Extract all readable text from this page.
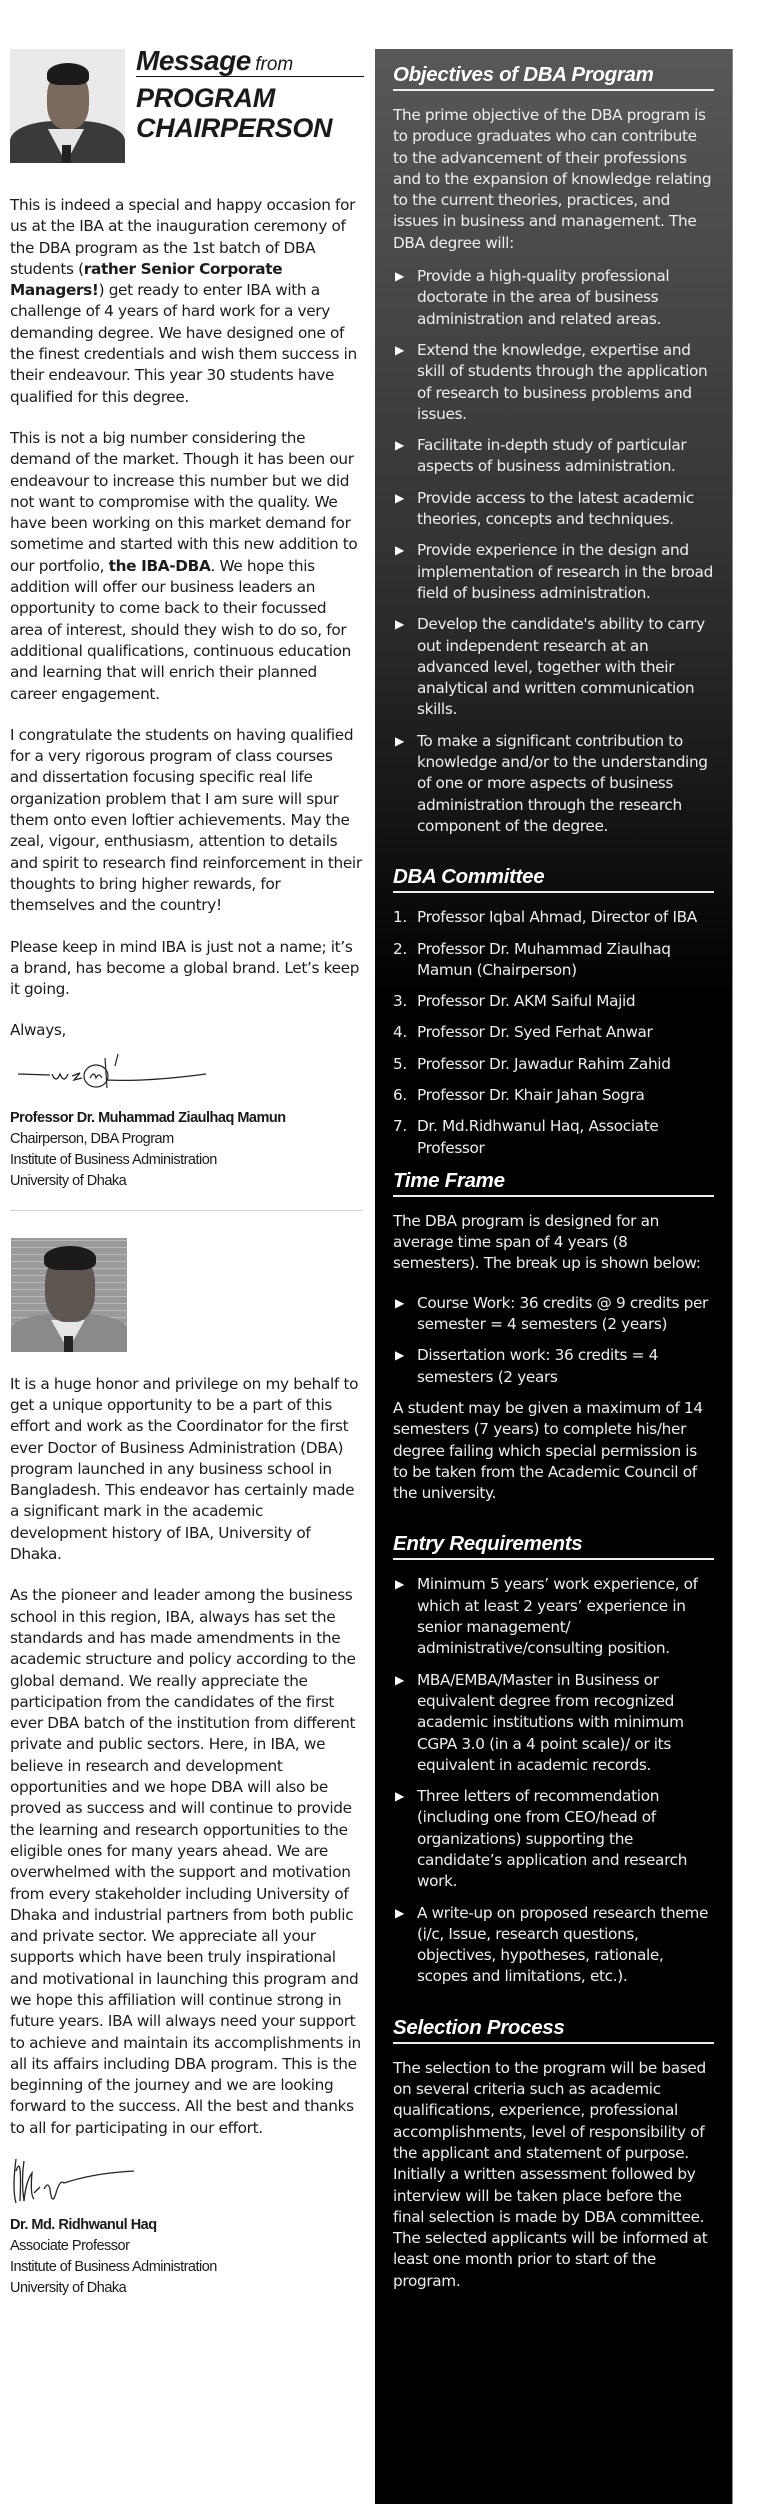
Message from
PROGRAM
CHAIRPERSON

This is indeed a special and happy occasion for us at the IBA at the inauguration ceremony of the DBA program as the 1st batch of DBA students (rather Senior Corporate Managers!) get ready to enter IBA with a challenge of 4 years of hard work for a very demanding degree. We have designed one of the finest credentials and wish them success in their endeavour. This year 30 students have qualified for this degree.

This is not a big number considering the demand of the market. Though it has been our endeavour to increase this number but we did not want to compromise with the quality. We have been working on this market demand for sometime and started with this new addition to our portfolio, the IBA-DBA. We hope this addition will offer our business leaders an opportunity to come back to their focussed area of interest, should they wish to do so, for additional qualifications, continuous education and learning that will enrich their planned career engagement.

I congratulate the students on having qualified for a very rigorous program of class courses and dissertation focusing specific real life organization problem that I am sure will spur them onto even loftier achievements. May the zeal, vigour, enthusiasm, attention to details and spirit to research find reinforcement in their thoughts to bring higher rewards, for themselves and the country!

Please keep in mind IBA is just not a name; it’s a brand, has become a global brand. Let’s keep it going.

Always,

Professor Dr. Muhammad Ziaulhaq Mamun
Chairperson, DBA Program
Institute of Business Administration
University of Dhaka

It is a huge honor and privilege on my behalf to get a unique opportunity to be a part of this effort and work as the Coordinator for the first ever Doctor of Business Administration (DBA) program launched in any business school in Bangladesh. This endeavor has certainly made a significant mark in the academic development history of IBA, University of Dhaka.

As the pioneer and leader among the business school in this region, IBA, always has set the standards and has made amendments in the academic structure and policy according to the global demand. We really appreciate the participation from the candidates of the first ever DBA batch of the institution from different private and public sectors. Here, in IBA, we believe in research and development opportunities and we hope DBA will also be proved as success and will continue to provide the learning and research opportunities to the eligible ones for many years ahead. We are overwhelmed with the support and motivation from every stakeholder including University of Dhaka and industrial partners from both public and private sector. We appreciate all your supports which have been truly inspirational and motivational in launching this program and we hope this affiliation will continue strong in future years. IBA will always need your support to achieve and maintain its accomplishments in all its affairs including DBA program. This is the beginning of the journey and we are looking forward to the success. All the best and thanks to all for participating in our effort.

Dr. Md. Ridhwanul Haq
Associate Professor
Institute of Business Administration
University of Dhaka
Objectives of DBA Program

The prime objective of the DBA program is to produce graduates who can contribute to the advancement of their professions and to the expansion of knowledge relating to the current theories, practices, and issues in business and management. The DBA degree will:

▶ Provide a high-quality professional doctorate in the area of business administration and related areas.
▶ Extend the knowledge, expertise and skill of students through the application of research to business problems and issues.
▶ Facilitate in-depth study of particular aspects of business administration.
▶ Provide access to the latest academic theories, concepts and techniques.
▶ Provide experience in the design and implementation of research in the broad field of business administration.
▶ Develop the candidate's ability to carry out independent research at an advanced level, together with their analytical and written communication skills.
▶ To make a significant contribution to knowledge and/or to the understanding of one or more aspects of business administration through the research component of the degree.
DBA Committee
1. Professor Iqbal Ahmad, Director of IBA
2. Professor Dr. Muhammad Ziaulhaq Mamun (Chairperson)
3. Professor Dr. AKM Saiful Majid
4. Professor Dr. Syed Ferhat Anwar
5. Professor Dr. Jawadur Rahim Zahid
6. Professor Dr. Khair Jahan Sogra
7. Dr. Md.Ridhwanul Haq, Associate Professor
Time Frame

The DBA program is designed for an average time span of 4 years (8 semesters). The break up is shown below:

▶ Course Work: 36 credits @ 9 credits per semester = 4 semesters (2 years)
▶ Dissertation work: 36 credits = 4 semesters (2 years

A student may be given a maximum of 14 semesters (7 years) to complete his/her degree failing which special permission is to be taken from the Academic Council of the university.

Entry Requirements
▶ Minimum 5 years’ work experience, of which at least 2 years’ experience in senior management/ administrative/consulting position.
▶ MBA/EMBA/Master in Business or equivalent degree from recognized academic institutions with minimum CGPA 3.0 (in a 4 point scale)/ or its equivalent in academic records.
▶ Three letters of recommendation (including one from CEO/head of organizations) supporting the candidate’s application and research work.
▶ A write-up on proposed research theme (i/c, Issue, research questions, objectives, hypotheses, rationale, scopes and limitations, etc.).
Selection Process

The selection to the program will be based on several criteria such as academic qualifications, experience, professional accomplishments, level of responsibility of the applicant and statement of purpose. Initially a written assessment followed by interview will be taken place before the final selection is made by DBA committee. The selected applicants will be informed at least one month prior to start of the program.
